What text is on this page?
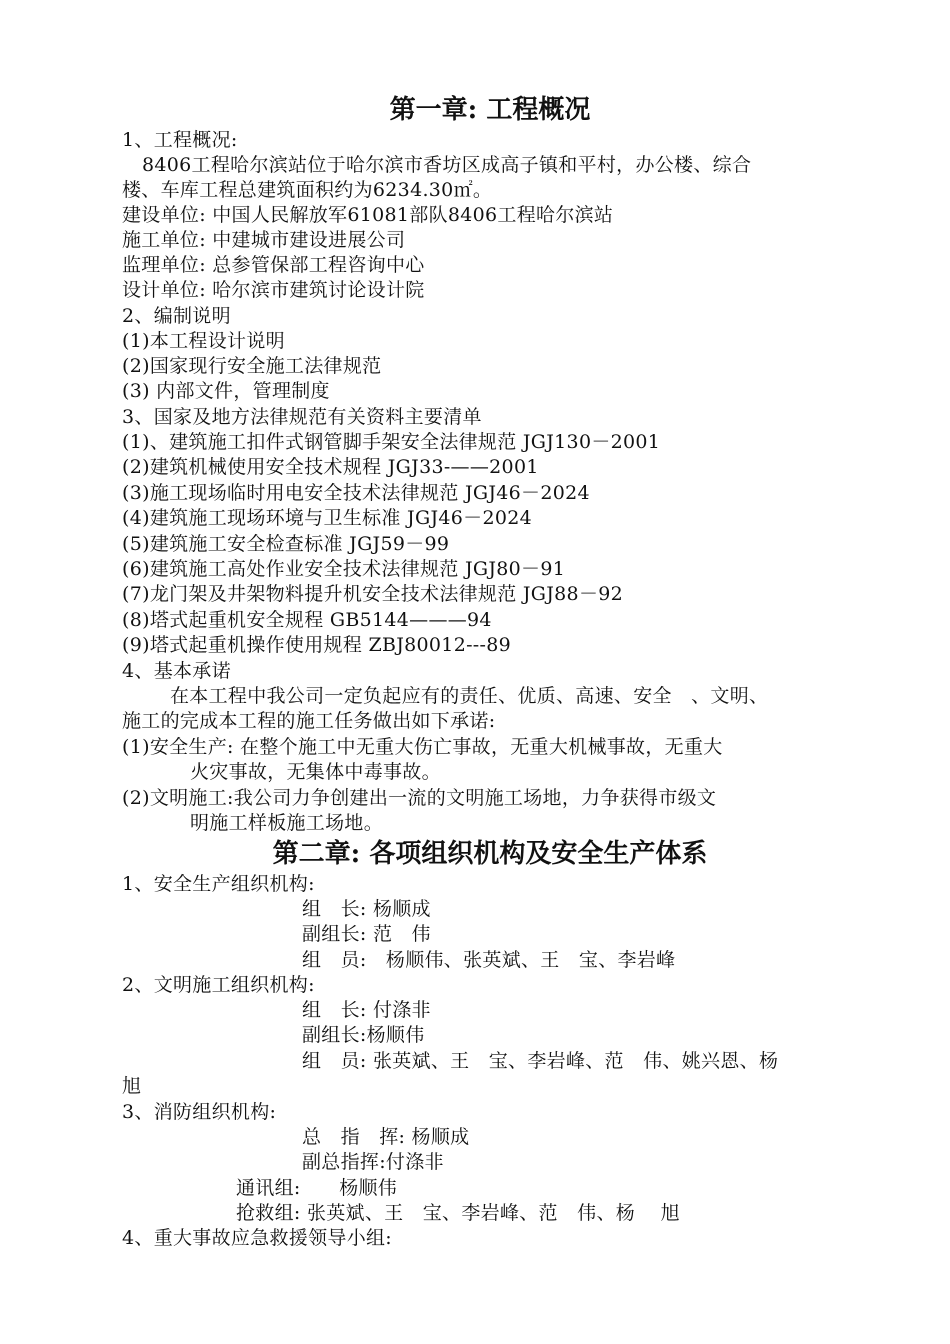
第一章: 工程概况
1、工程概况:
8406工程哈尔滨站位于哈尔滨市香坊区成高子镇和平村，办公楼、综合
楼、车库工程总建筑面积约为6234.30㎡。
建设单位: 中国人民解放军61081部队8406工程哈尔滨站
施工单位: 中建城市建设进展公司
监理单位: 总参管保部工程咨询中心
设计单位: 哈尔滨市建筑讨论设计院
2、编制说明
(1)本工程设计说明
(2)国家现行安全施工法律规范
(3) 内部文件，管理制度
3、国家及地方法律规范有关资料主要清单
(1)、建筑施工扣件式钢管脚手架安全法律规范 JGJ130－2001
(2)建筑机械使用安全技术规程 JGJ33-——2001
(3)施工现场临时用电安全技术法律规范 JGJ46－2024
(4)建筑施工现场环境与卫生标准 JGJ46－2024
(5)建筑施工安全检查标准 JGJ59－99
(6)建筑施工高处作业安全技术法律规范 JGJ80－91
(7)龙门架及井架物料提升机安全技术法律规范 JGJ88－92
(8)塔式起重机安全规程 GB5144———94
(9)塔式起重机操作使用规程 ZBJ80012---89
4、基本承诺
在本工程中我公司一定负起应有的责任、优质、高速、安全　、文明、
施工的完成本工程的施工任务做出如下承诺:
(1)安全生产: 在整个施工中无重大伤亡事故，无重大机械事故，无重大
火灾事故，无集体中毒事故。
(2)文明施工:我公司力争创建出一流的文明施工场地，力争获得市级文
明施工样板施工场地。
第二章: 各项组织机构及安全生产体系
1、安全生产组织机构:
组　长: 杨顺成
副组长: 范　伟
组　员:　杨顺伟、张英斌、王　宝、李岩峰
2、文明施工组织机构:
组　长: 付涤非
副组长:杨顺伟
组　员: 张英斌、王　宝、李岩峰、范　伟、姚兴恩、杨
旭
3、消防组织机构:
总　指　挥: 杨顺成
副总指挥:付涤非
通讯组:　　杨顺伟
抢救组: 张英斌、王　宝、李岩峰、范　伟、杨　 旭
4、重大事故应急救援领导小组:
